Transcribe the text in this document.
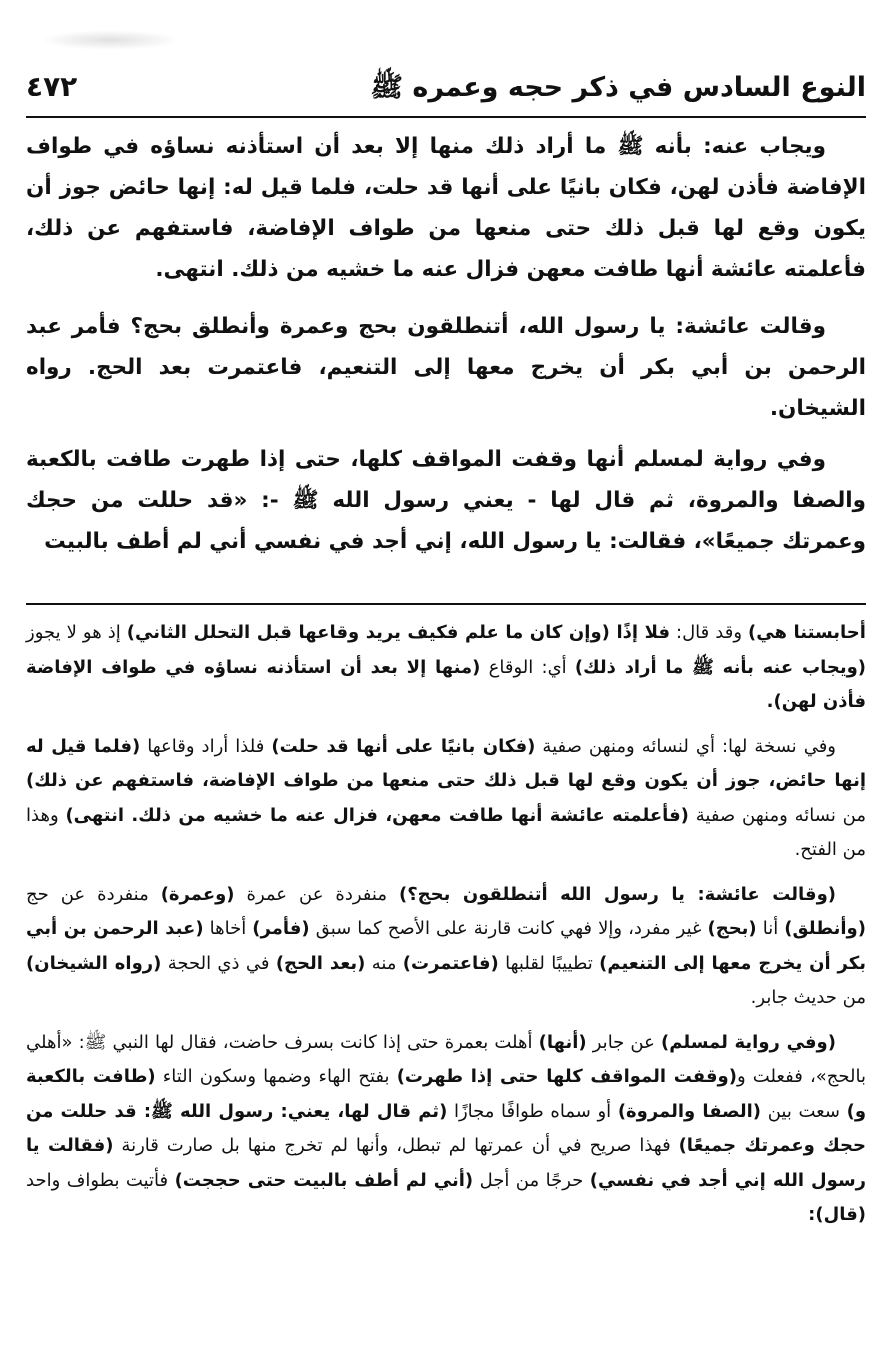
٤٧٢	النوع السادس في ذكر حجه وعمره ﷺ

ويجاب عنه: بأنه ﷺ ما أراد ذلك منها إلا بعد أن استأذنه نساؤه في طواف الإفاضة فأذن لهن، فكان بانيًا على أنها قد حلت، فلما قيل له: إنها حائض جوز أن يكون وقع لها قبل ذلك حتى منعها من طواف الإفاضة، فاستفهم عن ذلك، فأعلمته عائشة أنها طافت معهن فزال عنه ما خشيه من ذلك. انتهى.

وقالت عائشة: يا رسول الله، أتنطلقون بحج وعمرة وأنطلق بحج؟ فأمر عبد الرحمن بن أبي بكر أن يخرج معها إلى التنعيم، فاعتمرت بعد الحج. رواه الشيخان.

وفي رواية لمسلم أنها وقفت المواقف كلها، حتى إذا طهرت طافت بالكعبة والصفا والمروة، ثم قال لها - يعني رسول الله ﷺ -: «قد حللت من حجك وعمرتك جميعًا»، فقالت: يا رسول الله، إني أجد في نفسي أني لم أطف بالبيت

أحابستنا هي) وقد قال: فلا إذًا (وإن كان ما علم فكيف يريد وقاعها قبل التحلل الثاني) إذ هو لا يجوز (ويجاب عنه بأنه ﷺ ما أراد ذلك) أي: الوقاع (منها إلا بعد أن استأذنه نساؤه في طواف الإفاضة فأذن لهن).

وفي نسخة لها: أي لنسائه ومنهن صفية (فكان بانيًا على أنها قد حلت) فلذا أراد وقاعها (فلما قيل له إنها حائض، جوز أن يكون وقع لها قبل ذلك حتى منعها من طواف الإفاضة، فاستفهم عن ذلك) من نسائه ومنهن صفية (فأعلمته عائشة أنها طافت معهن، فزال عنه ما خشيه من ذلك. انتهى) وهذا من الفتح.

(وقالت عائشة: يا رسول الله أتنطلقون بحج؟) منفردة عن عمرة (وعمرة) منفردة عن حج (وأنطلق) أنا (بحج) غير مفرد، وإلا فهي كانت قارنة على الأصح كما سبق (فأمر) أخاها (عبد الرحمن بن أبي بكر أن يخرج معها إلى التنعيم) تطييبًا لقلبها (فاعتمرت) منه (بعد الحج) في ذي الحجة (رواه الشيخان) من حديث جابر.

(وفي رواية لمسلم) عن جابر (أنها) أهلت بعمرة حتى إذا كانت بسرف حاضت، فقال لها النبي ﷺ: «أهلي بالحج»، ففعلت و(وقفت المواقف كلها حتى إذا طهرت) بفتح الهاء وضمها وسكون التاء (طافت بالكعبة و) سعت بين (الصفا والمروة) أو سماه طوافًا مجازًا (ثم قال لها، يعني: رسول الله ﷺ: قد حللت من حجك وعمرتك جميعًا) فهذا صريح في أن عمرتها لم تبطل، وأنها لم تخرج منها بل صارت قارنة (فقالت يا رسول الله إني أجد في نفسي) حرجًا من أجل (أني لم أطف بالبيت حتى حججت) فأتيت بطواف واحد (قال):
